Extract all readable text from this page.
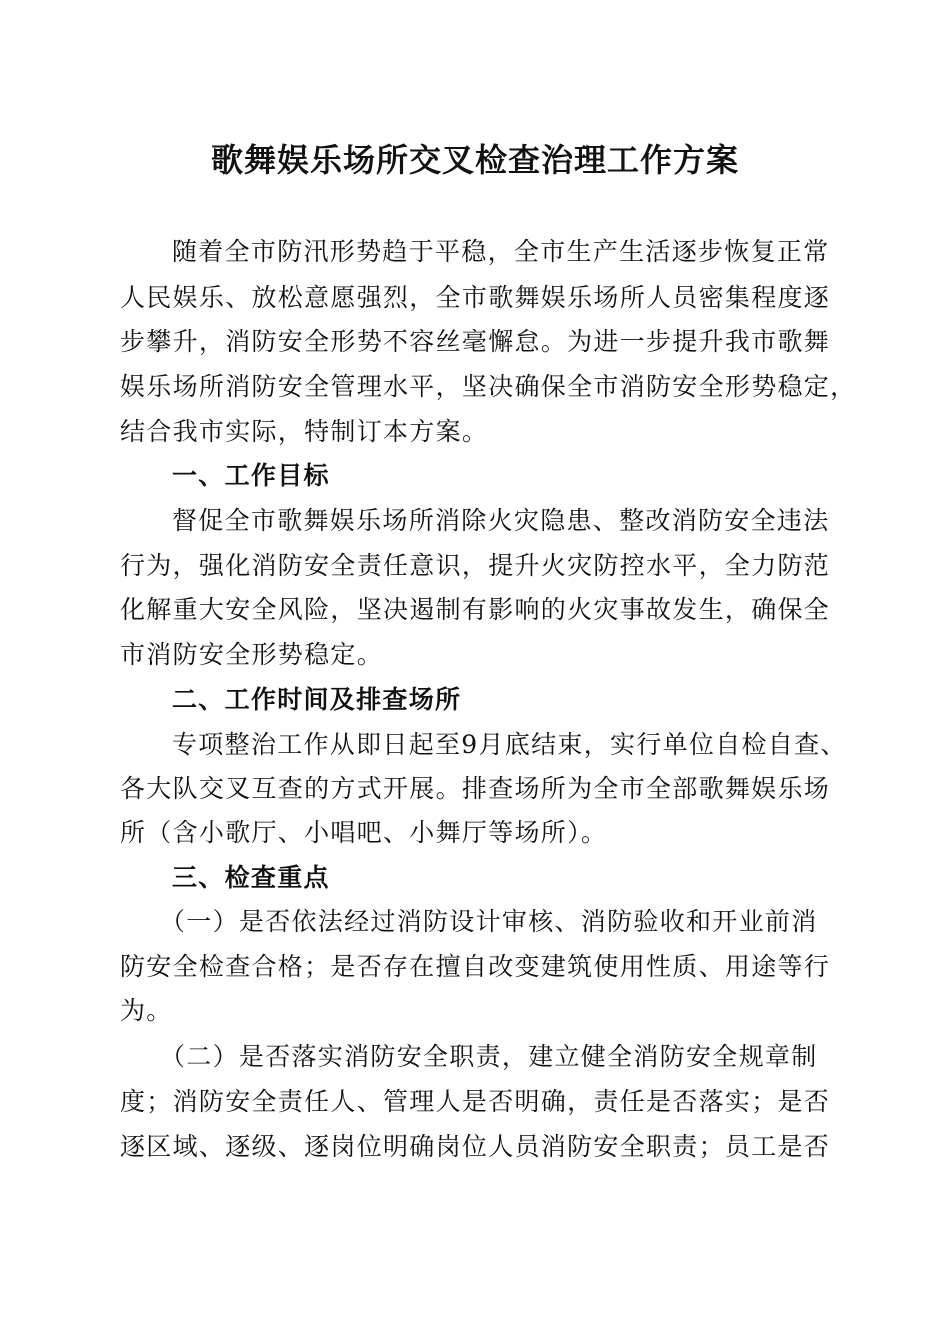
歌舞娱乐场所交叉检查治理工作方案
随着全市防汛形势趋于平稳，全市生产生活逐步恢复正常
人民娱乐、放松意愿强烈，全市歌舞娱乐场所人员密集程度逐
步攀升，消防安全形势不容丝毫懈怠。为进一步提升我市歌舞
娱乐场所消防安全管理水平，坚决确保全市消防安全形势稳定，
结合我市实际，特制订本方案。
一、工作目标
督促全市歌舞娱乐场所消除火灾隐患、整改消防安全违法
行为，强化消防安全责任意识，提升火灾防控水平，全力防范
化解重大安全风险，坚决遏制有影响的火灾事故发生，确保全
市消防安全形势稳定。
二、工作时间及排查场所
专项整治工作从即日起至9月底结束，实行单位自检自查、
各大队交叉互查的方式开展。排查场所为全市全部歌舞娱乐场
所（含小歌厅、小唱吧、小舞厅等场所）。
三、检查重点
（一）是否依法经过消防设计审核、消防验收和开业前消
防安全检查合格；是否存在擅自改变建筑使用性质、用途等行
为。
（二）是否落实消防安全职责，建立健全消防安全规章制
度；消防安全责任人、管理人是否明确，责任是否落实；是否
逐区域、逐级、逐岗位明确岗位人员消防安全职责；员工是否
